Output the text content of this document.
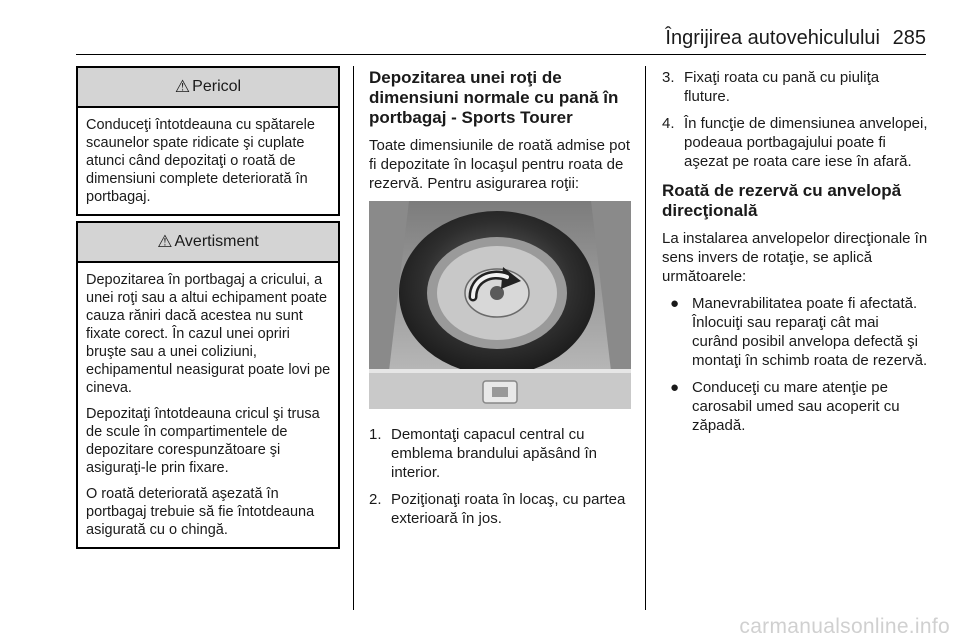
Îngrijirea autovehiculului 285
⚠ Pericol

Conduceţi întotdeauna cu spătarele scaunelor spate ridicate şi cuplate atunci când depozitaţi o roată de dimensiuni complete deteriorată în portbagaj.

⚠ Avertisment

Depozitarea în portbagaj a cricului, a unei roţi sau a altui echipament poate cauza răniri dacă acestea nu sunt fixate corect. În cazul unei opriri bruşte sau a unei coliziuni, echipamentul neasigurat poate lovi pe cineva.

Depozitaţi întotdeauna cricul şi trusa de scule în compartimentele de depozitare corespunzătoare şi asiguraţi-le prin fixare.

O roată deteriorată aşezată în portbagaj trebuie să fie întotdeauna asigurată cu o chingă.

Depozitarea unei roţi de dimensiuni normale cu pană în portbagaj - Sports Tourer

Toate dimensiunile de roată admise pot fi depozitate în locaşul pentru roata de rezervă. Pentru asigurarea roţii:

1. Demontaţi capacul central cu emblema brandului apăsând în interior.
2. Poziţionaţi roata în locaş, cu partea exterioară în jos.
3. Fixaţi roata cu pană cu piuliţa fluture.
4. În funcţie de dimensiunea anvelopei, podeaua portbagajului poate fi aşezat pe roata care iese în afară.
Roată de rezervă cu anvelopă direcţională

La instalarea anvelopelor direcţionale în sens invers de rotaţie, se aplică următoarele:

● Manevrabilitatea poate fi afectată. Înlocuiţi sau reparaţi cât mai curând posibil anvelopa defectă şi montaţi în schimb roata de rezervă.
● Conduceţi cu mare atenţie pe carosabil umed sau acoperit cu zăpadă.
carmanualsonline.info
